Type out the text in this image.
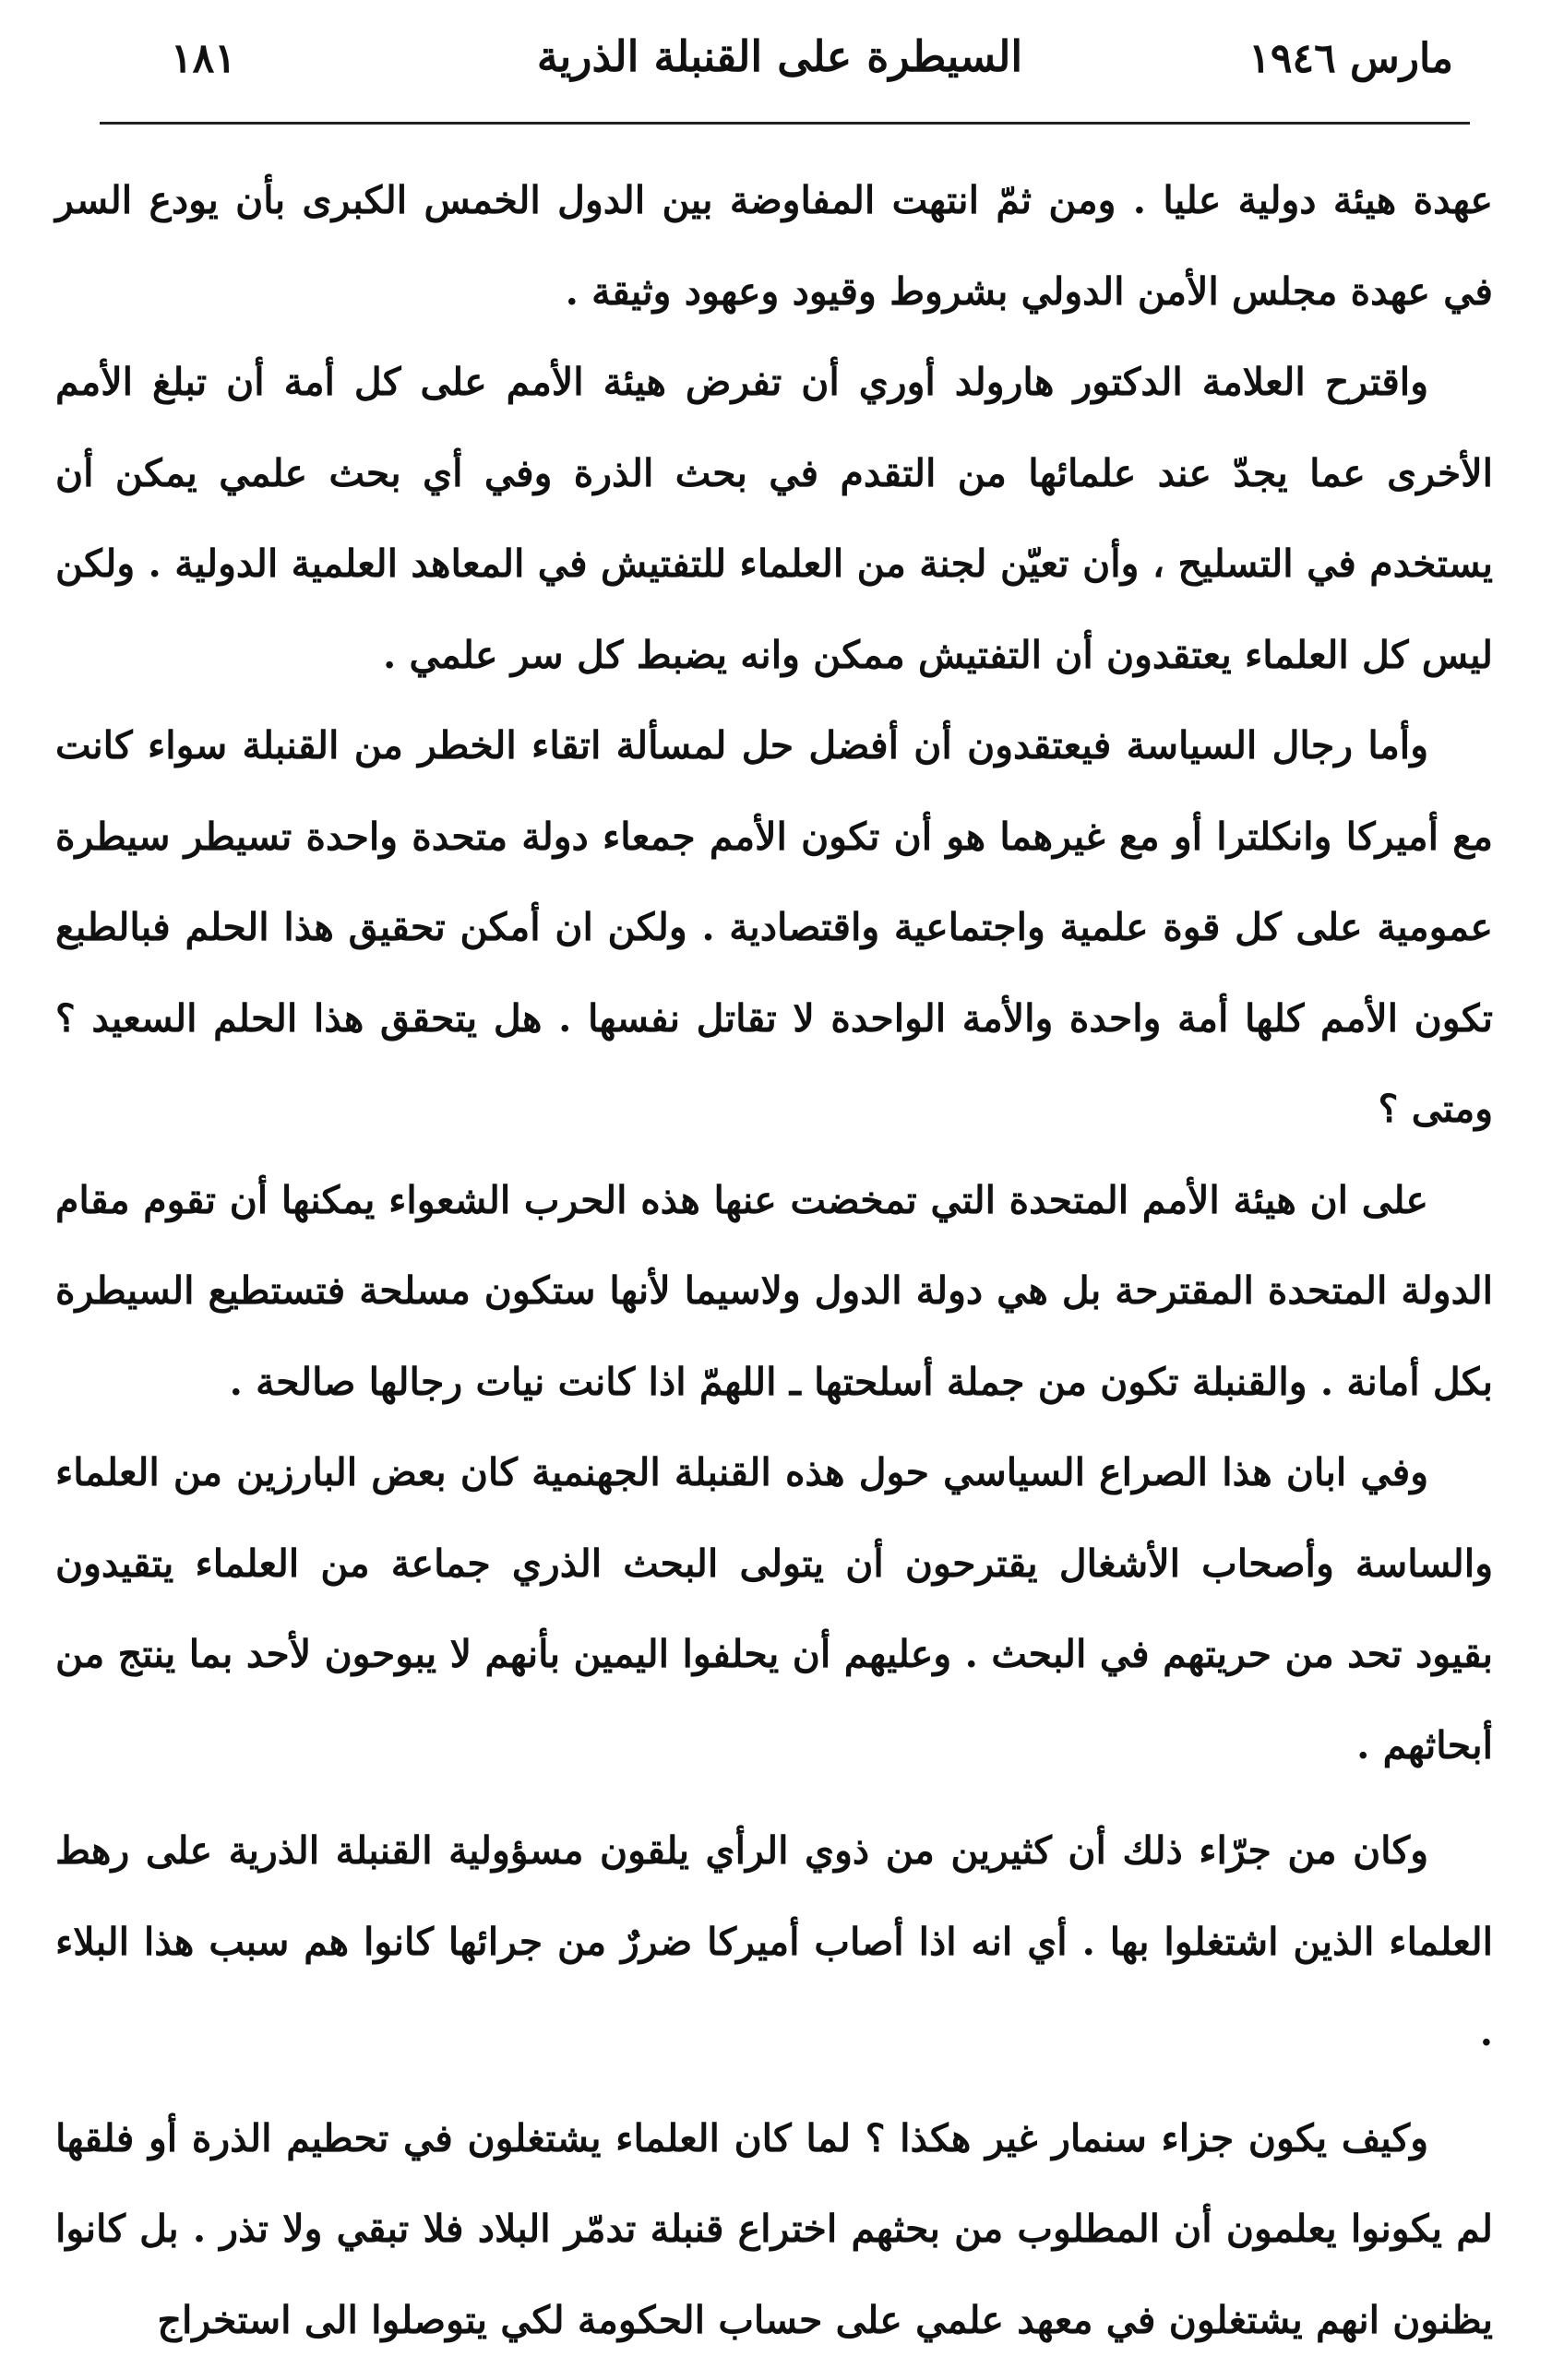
مارس ١٩٤٦
السيطرة على القنبلة الذرية
١٨١

عهدة هيئة دولية عليا . ومن ثمّ انتهت المفاوضة بين الدول الخمس الكبرى بأن يودع السر في عهدة مجلس الأمن الدولي بشروط وقيود وعهود وثيقة .

واقترح العلامة الدكتور هارولد أوري أن تفرض هيئة الأمم على كل أمة أن تبلغ الأمم الأخرى عما يجدّ عند علمائها من التقدم في بحث الذرة وفي أي بحث علمي يمكن أن يستخدم في التسليح ، وأن تعيّن لجنة من العلماء للتفتيش في المعاهد العلمية الدولية . ولكن ليس كل العلماء يعتقدون أن التفتيش ممكن وانه يضبط كل سر علمي .

وأما رجال السياسة فيعتقدون أن أفضل حل لمسألة اتقاء الخطر من القنبلة سواء كانت مع أميركا وانكلترا أو مع غيرهما هو أن تكون الأمم جمعاء دولة متحدة واحدة تسيطر سيطرة عمومية على كل قوة علمية واجتماعية واقتصادية . ولكن ان أمكن تحقيق هذا الحلم فبالطبع تكون الأمم كلها أمة واحدة والأمة الواحدة لا تقاتل نفسها . هل يتحقق هذا الحلم السعيد ؟ ومتى ؟

على ان هيئة الأمم المتحدة التي تمخضت عنها هذه الحرب الشعواء يمكنها أن تقوم مقام الدولة المتحدة المقترحة بل هي دولة الدول ولاسيما لأنها ستكون مسلحة فتستطيع السيطرة بكل أمانة . والقنبلة تكون من جملة أسلحتها ـ اللهمّ اذا كانت نيات رجالها صالحة .

وفي ابان هذا الصراع السياسي حول هذه القنبلة الجهنمية كان بعض البارزين من العلماء والساسة وأصحاب الأشغال يقترحون أن يتولى البحث الذري جماعة من العلماء يتقيدون بقيود تحد من حريتهم في البحث . وعليهم أن يحلفوا اليمين بأنهم لا يبوحون لأحد بما ينتج من أبحاثهم .

وكان من جرّاء ذلك أن كثيرين من ذوي الرأي يلقون مسؤولية القنبلة الذرية على رهط العلماء الذين اشتغلوا بها . أي انه اذا أصاب أميركا ضررٌ من جرائها كانوا هم سبب هذا البلاء .

وكيف يكون جزاء سنمار غير هكذا ؟ لما كان العلماء يشتغلون في تحطيم الذرة أو فلقها لم يكونوا يعلمون أن المطلوب من بحثهم اختراع قنبلة تدمّر البلاد فلا تبقي ولا تذر . بل كانوا يظنون انهم يشتغلون في معهد علمي على حساب الحكومة لكي يتوصلوا الى استخراج
